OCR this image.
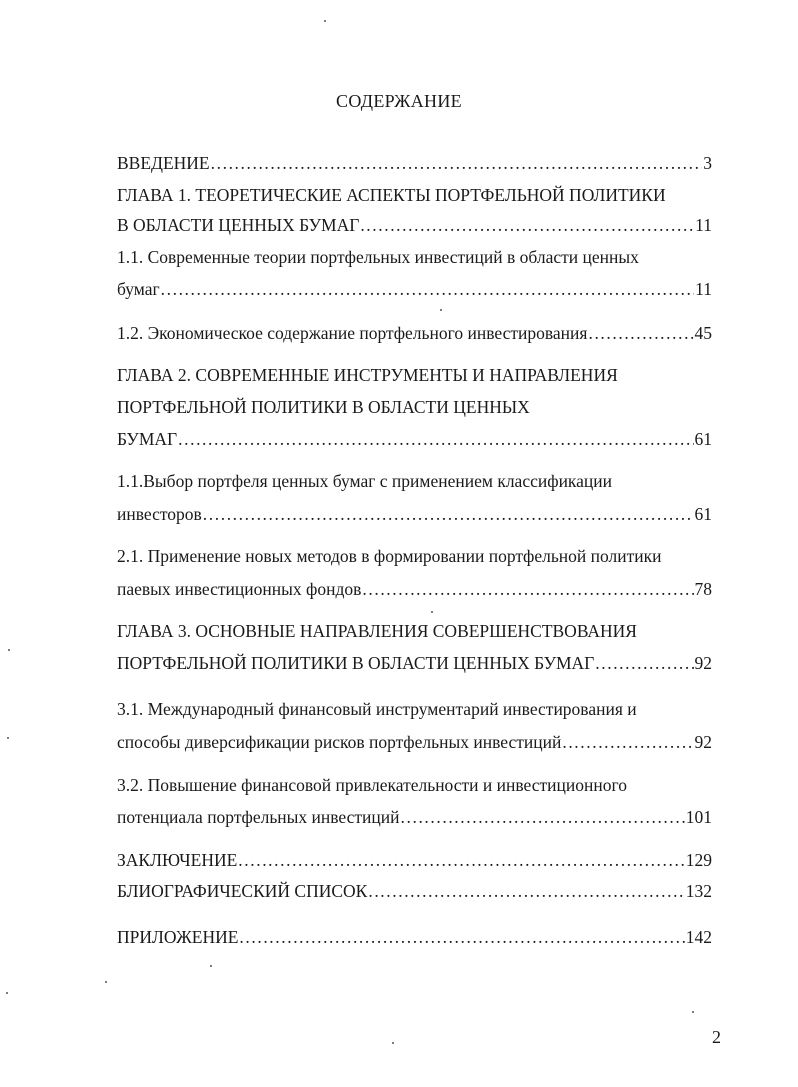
СОДЕРЖАНИЕ
ВВЕДЕНИЕ .....	3
ГЛАВА 1. ТЕОРЕТИЧЕСКИЕ АСПЕКТЫ ПОРТФЕЛЬНОЙ ПОЛИТИКИ
В ОБЛАСТИ ЦЕННЫХ БУМАГ .....	11
1.1. Современные теории портфельных инвестиций в области ценных
бумаг .....	11
1.2. Экономическое содержание портфельного инвестирования .....	45
ГЛАВА 2. СОВРЕМЕННЫЕ ИНСТРУМЕНТЫ И НАПРАВЛЕНИЯ
ПОРТФЕЛЬНОЙ ПОЛИТИКИ В ОБЛАСТИ ЦЕННЫХ
БУМАГ .....	61
1.1.Выбор портфеля ценных бумаг с применением классификации
инвесторов .....	61
2.1. Применение новых методов в формировании портфельной политики
паевых инвестиционных фондов .....	78
ГЛАВА 3. ОСНОВНЫЕ НАПРАВЛЕНИЯ СОВЕРШЕНСТВОВАНИЯ
ПОРТФЕЛЬНОЙ ПОЛИТИКИ В ОБЛАСТИ ЦЕННЫХ БУМАГ .....	92
3.1. Международный финансовый инструментарий инвестирования и
способы диверсификации рисков портфельных инвестиций .....	92
3.2. Повышение финансовой привлекательности и инвестиционного
потенциала портфельных инвестиций .....	101
ЗАКЛЮЧЕНИЕ .....	129
БЛИОГРАФИЧЕСКИЙ СПИСОК .....	132
ПРИЛОЖЕНИЕ .....	142
2
